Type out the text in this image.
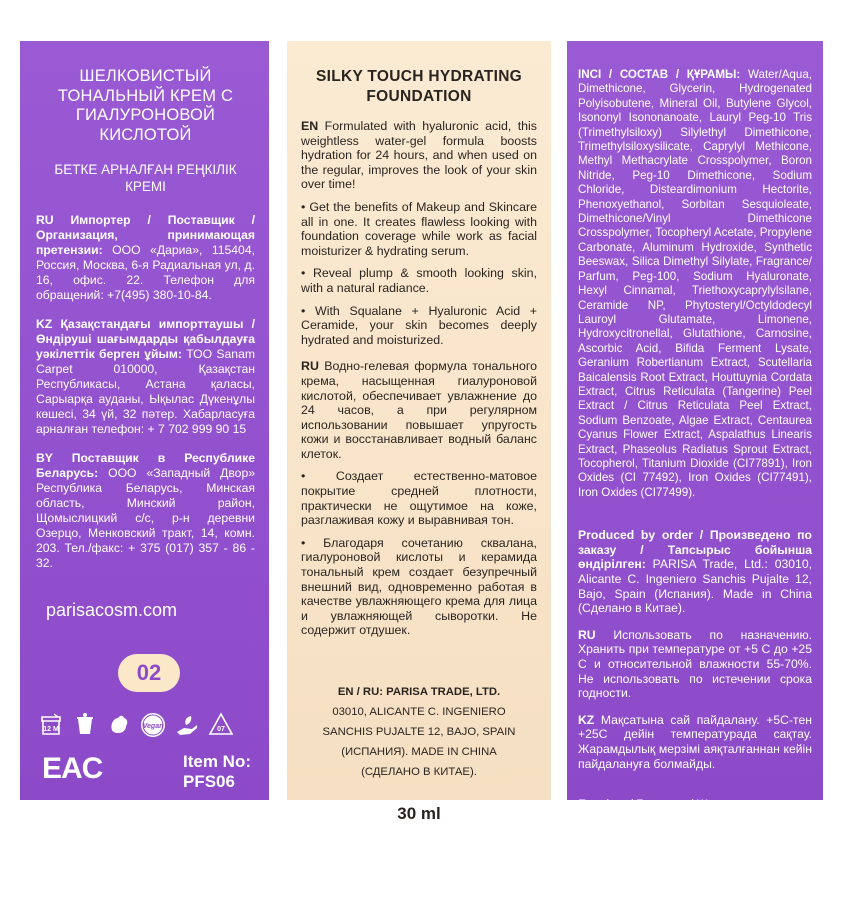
ШЕЛКОВИСТЫЙ ТОНАЛЬНЫЙ КРЕМ С ГИАЛУРОНОВОЙ КИСЛОТОЙ

БЕТКЕ АРНАЛҒАН РЕҢКІЛІК КРЕМІ

RU Импортер / Поставщик / Организация, принимающая претензии: ООО «Дариа», 115404, Россия, Москва, 6-я Радиальная ул, д. 16, офис. 22. Телефон для обращений: +7(495) 380-10-84.

KZ Қазақстандағы импорттаушы / Өндіруші шағымдарды қабылдауға уәкілеттік берген ұйым: ТОО Sanam Carpet 010000, Қазақстан Республикасы, Астана қаласы, Сарыарқа ауданы, Ықылас Дүкенұлы көшесі, 34 үй, 32 пәтер. Хабарласуға арналған телефон: + 7 702 999 90 15

BY Поставщик в Республике Беларусь: ООО «Западный Двор» Республика Беларусь, Минская область, Минский район, Щомыслицкий с/с, р-н деревни Озерцо, Менковский тракт, 14, комн. 203. Тел./факс: + 375 (017) 357 - 86 - 32.

parisacosm.com
02
12 M	Vegan	07
EAC	Item No:
PFS06

SILKY TOUCH HYDRATING FOUNDATION

EN Formulated with hyaluronic acid, this weightless water-gel formula boosts hydration for 24 hours, and when used on the regular, improves the look of your skin over time!

• Get the benefits of Makeup and Skincare all in one. It creates flawless looking with foundation coverage while work as facial moisturizer & hydrating serum.

• Reveal plump & smooth looking skin, with a natural radiance.

• With Squalane + Hyaluronic Acid + Ceramide, your skin becomes deeply hydrated and moisturized.

RU Водно-гелевая формула тонального крема, насыщенная гиалуроновой кислотой, обеспечивает увлажнение до 24 часов, а при регулярном использовании повышает упругость кожи и восстанавливает водный баланс клеток.

• Создает естественно-матовое покрытие средней плотности, практически не ощутимое на коже, разглаживая кожу и выравнивая тон.

• Благодаря сочетанию сквалана, гиалуроновой кислоты и керамида тональный крем создает безупречный внешний вид, одновременно работая в качестве увлажняющего крема для лица и увлажняющей сыворотки. Не содержит отдушек.

EN / RU: PARISA TRADE, LTD.
03010, ALICANTE C. INGENIERO
SANCHIS PUJALTE 12, BAJO, SPAIN
(ИСПАНИЯ). MADE IN CHINA
(СДЕЛАНО В КИТАЕ).
30 ml

INCI / СОСТАВ / ҚҰРАМЫ: Water/Aqua, Dimethicone, Glycerin, Hydrogenated Polyisobutene, Mineral Oil, Butylene Glycol, Isononyl Isononanoate, Lauryl Peg-10 Tris (Trimethylsiloxy) Silylethyl Dimethicone, Trimethylsiloxysilicate, Caprylyl Methicone, Methyl Methacrylate Crosspolymer, Boron Nitride, Peg-10 Dimethicone, Sodium Chloride, Disteardimonium Hectorite, Phenoxyethanol, Sorbitan Sesquioleate, Dimethicone/Vinyl Dimethicone Crosspolymer, Tocopheryl Acetate, Propylene Carbonate, Aluminum Hydroxide, Synthetic Beeswax, Silica Dimethyl Silylate, Fragrance/ Parfum, Peg-100, Sodium Hyaluronate, Hexyl Cinnamal, Triethoxycaprylylsilane, Ceramide NP, Phytosteryl/Octyldodecyl Lauroyl Glutamate, Limonene, Hydroxycitronellal, Glutathione, Carnosine, Ascorbic Acid, Bifida Ferment Lysate, Geranium Robertianum Extract, Scutellaria Baicalensis Root Extract, Houttuynia Cordata Extract, Citrus Reticulata (Tangerine) Peel Extract / Citrus Reticulata Peel Extract, Sodium Benzoate, Algae Extract, Centaurea Cyanus Flower Extract, Aspalathus Linearis Extract, Phaseolus Radiatus Sprout Extract, Tocopherol, Titanium Dioxide (CI77891), Iron Oxides (CI 77492), Iron Oxides (CI77491), Iron Oxides (CI77499).

Produced by order / Произведено по заказу / Тапсырыс бойынша өндірілген: PARISA Trade, Ltd.: 03010, Alicante C. Ingeniero Sanchis Pujalte 12, Bajo, Spain (Испания). Made in China (Сделано в Китае).

RU Использовать по назначению. Хранить при температуре от +5 С до +25 С и относительной влажности 55-70%. Не использовать по истечении срока годности.

KZ Мақсатына сай пайдалану. +5C-тен +25C дейін температурада сақтау. Жарамдылық мерзімі аяқталғаннан кейін пайдалануға болмайды.

Exp date / Годен до / Жарамдылық мерзімі:

Batch No / Номер партии / Партия нөмірі:

Volume / Объем / Көлемі:

30 ml / 1,01 fl.oz.
